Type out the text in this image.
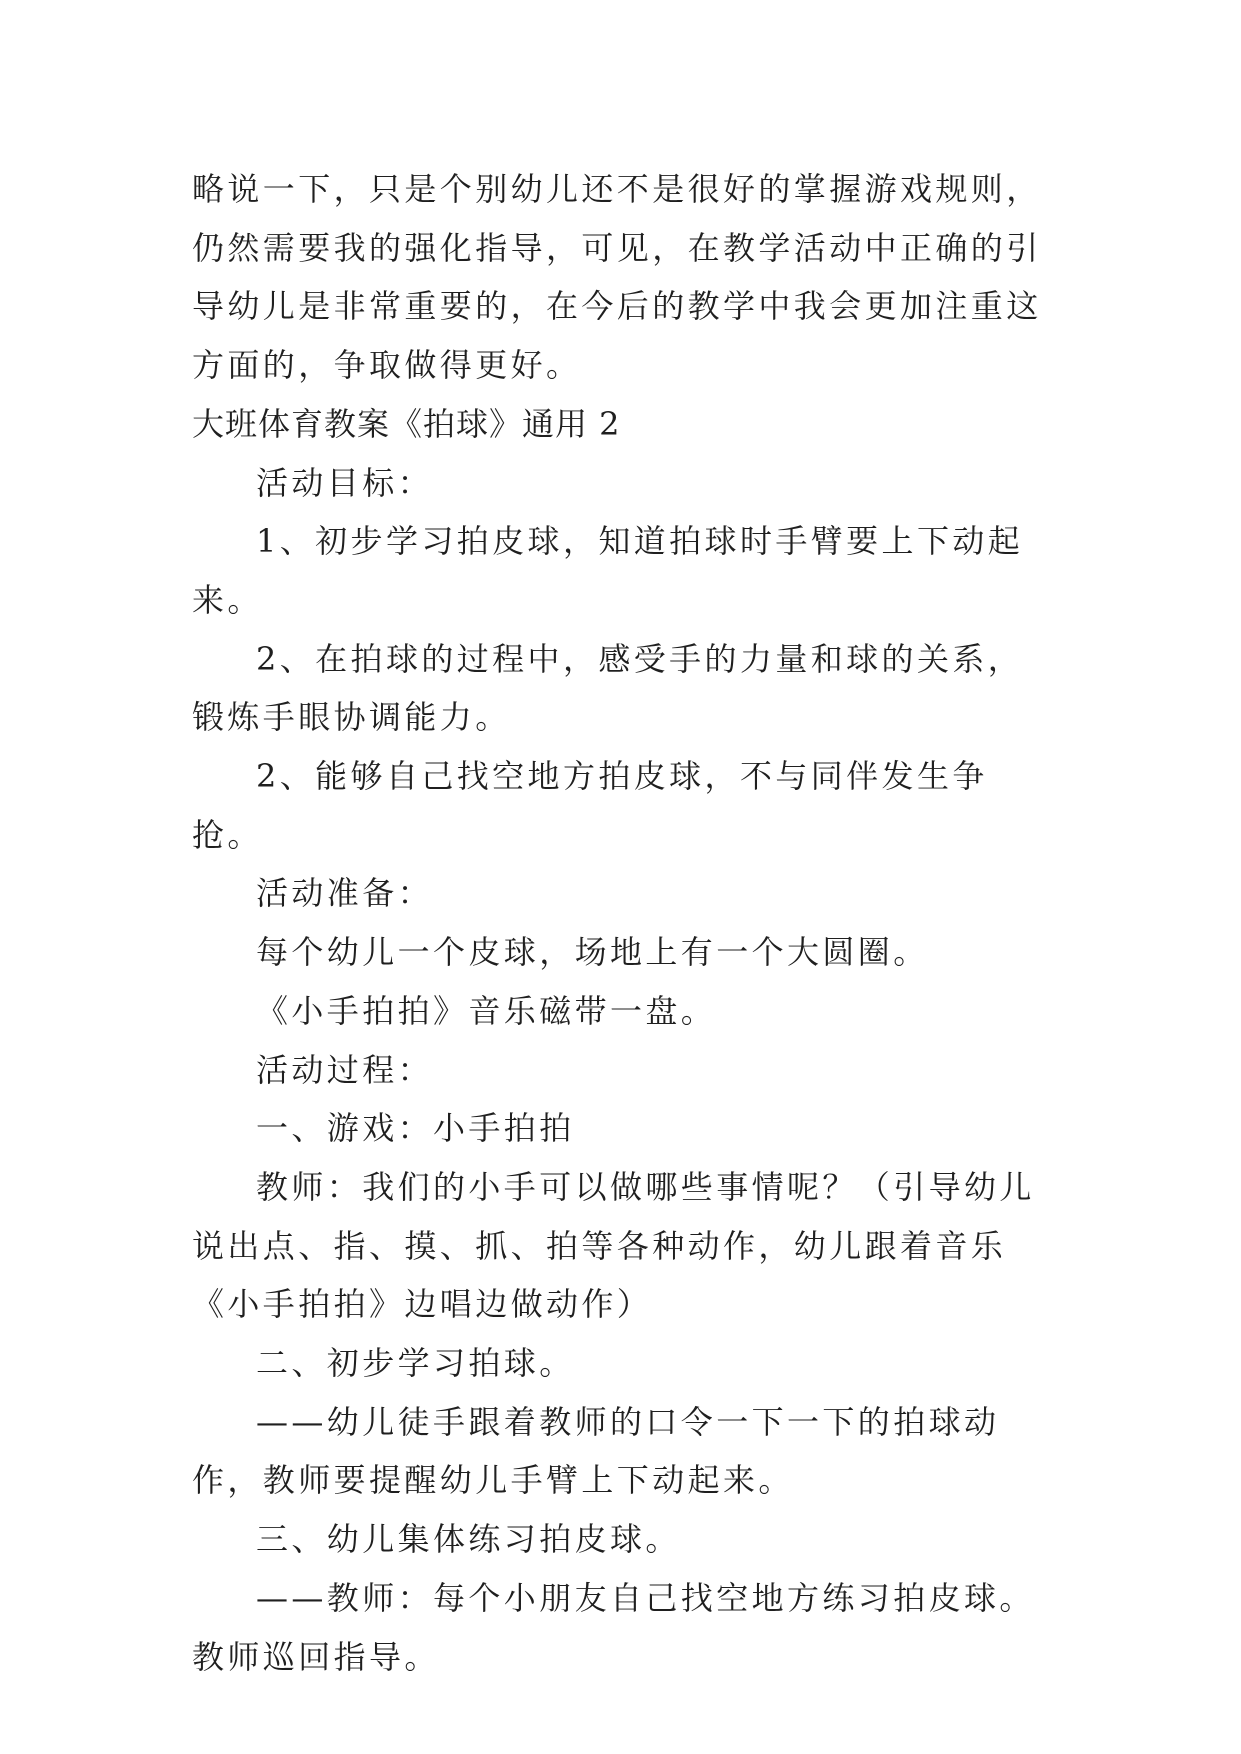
略说一下，只是个别幼儿还不是很好的掌握游戏规则，仍然需要我的强化指导，可见，在教学活动中正确的引导幼儿是非常重要的，在今后的教学中我会更加注重这方面的，争取做得更好。

大班体育教案《拍球》通用 2

活动目标：

1、初步学习拍皮球，知道拍球时手臂要上下动起来。

2、在拍球的过程中，感受手的力量和球的关系，锻炼手眼协调能力。

2、能够自己找空地方拍皮球，不与同伴发生争抢。

活动准备：

每个幼儿一个皮球，场地上有一个大圆圈。

《小手拍拍》音乐磁带一盘。

活动过程：

一、游戏：小手拍拍

教师：我们的小手可以做哪些事情呢？（引导幼儿说出点、指、摸、抓、拍等各种动作，幼儿跟着音乐《小手拍拍》边唱边做动作）

二、初步学习拍球。

——幼儿徒手跟着教师的口令一下一下的拍球动作，教师要提醒幼儿手臂上下动起来。

三、幼儿集体练习拍皮球。

——教师：每个小朋友自己找空地方练习拍皮球。教师巡回指导。
